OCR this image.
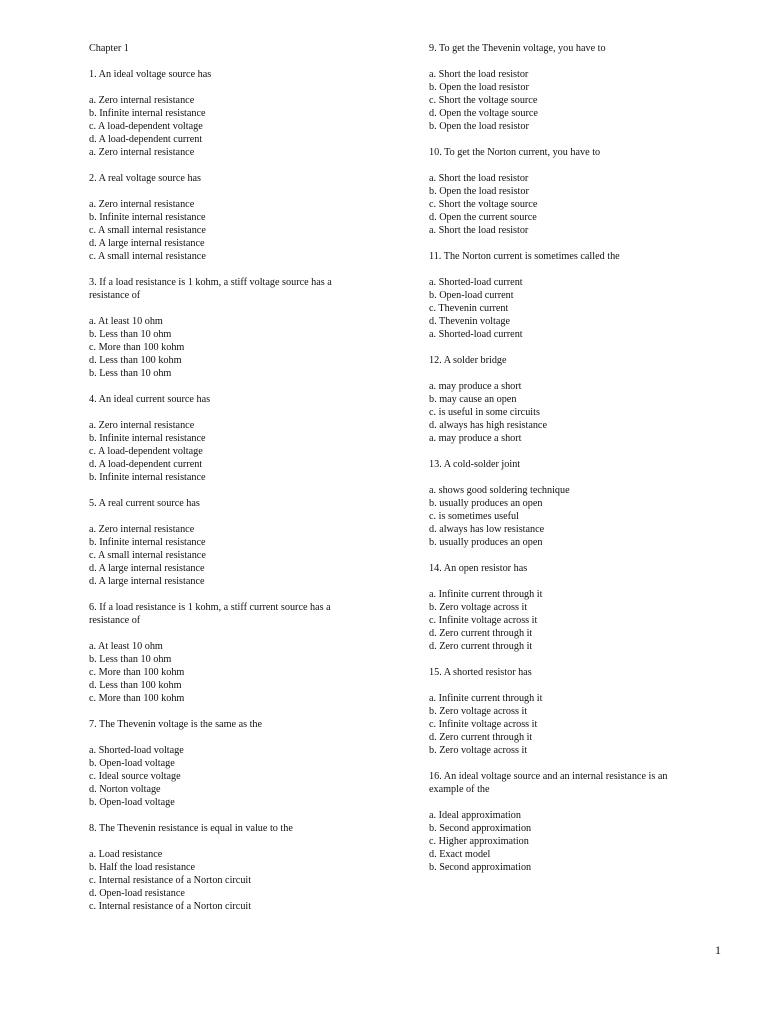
Chapter 1
1. An ideal voltage source has
a. Zero internal resistance
b. Infinite internal resistance
c. A load-dependent voltage
d. A load-dependent current
a. Zero internal resistance
2. A real voltage source has
a. Zero internal resistance
b. Infinite internal resistance
c. A small internal resistance
d. A large internal resistance
c. A small internal resistance
3. If a load resistance is 1 kohm, a stiff voltage source has a
resistance of
a. At least 10 ohm
b. Less than 10 ohm
c. More than 100 kohm
d. Less than 100 kohm
b. Less than 10 ohm
4. An ideal current source has
a. Zero internal resistance
b. Infinite internal resistance
c. A load-dependent voltage
d. A load-dependent current
b. Infinite internal resistance
5. A real current source has
a. Zero internal resistance
b. Infinite internal resistance
c. A small internal resistance
d. A large internal resistance
d. A large internal resistance
6. If a load resistance is 1 kohm, a stiff current source has a
resistance of
a. At least 10 ohm
b. Less than 10 ohm
c. More than 100 kohm
d. Less than 100 kohm
c. More than 100 kohm
7. The Thevenin voltage is the same as the
a. Shorted-load voltage
b. Open-load voltage
c. Ideal source voltage
d. Norton voltage
b. Open-load voltage
8. The Thevenin resistance is equal in value to the
a. Load resistance
b. Half the load resistance
c. Internal resistance of a Norton circuit
d. Open-load resistance
c. Internal resistance of a Norton circuit
9. To get the Thevenin voltage, you have to
a. Short the load resistor
b. Open the load resistor
c. Short the voltage source
d. Open the voltage source
b. Open the load resistor
10. To get the Norton current, you have to
a. Short the load resistor
b. Open the load resistor
c. Short the voltage source
d. Open the current source
a. Short the load resistor
11. The Norton current is sometimes called the
a. Shorted-load current
b. Open-load current
c. Thevenin current
d. Thevenin voltage
a. Shorted-load current
12. A solder bridge
a. may produce a short
b. may cause an open
c. is useful in some circuits
d. always has high resistance
a. may produce a short
13. A cold-solder joint
a. shows good soldering technique
b. usually produces an open
c. is sometimes useful
d. always has low resistance
b. usually produces an open
14. An open resistor has
a. Infinite current through it
b. Zero voltage across it
c. Infinite voltage across it
d. Zero current through it
d. Zero current through it
15. A shorted resistor has
a. Infinite current through it
b. Zero voltage across it
c. Infinite voltage across it
d. Zero current through it
b. Zero voltage across it
16. An ideal voltage source and an internal resistance is an
example of the
a. Ideal approximation
b. Second approximation
c. Higher approximation
d. Exact model
b. Second approximation
1
